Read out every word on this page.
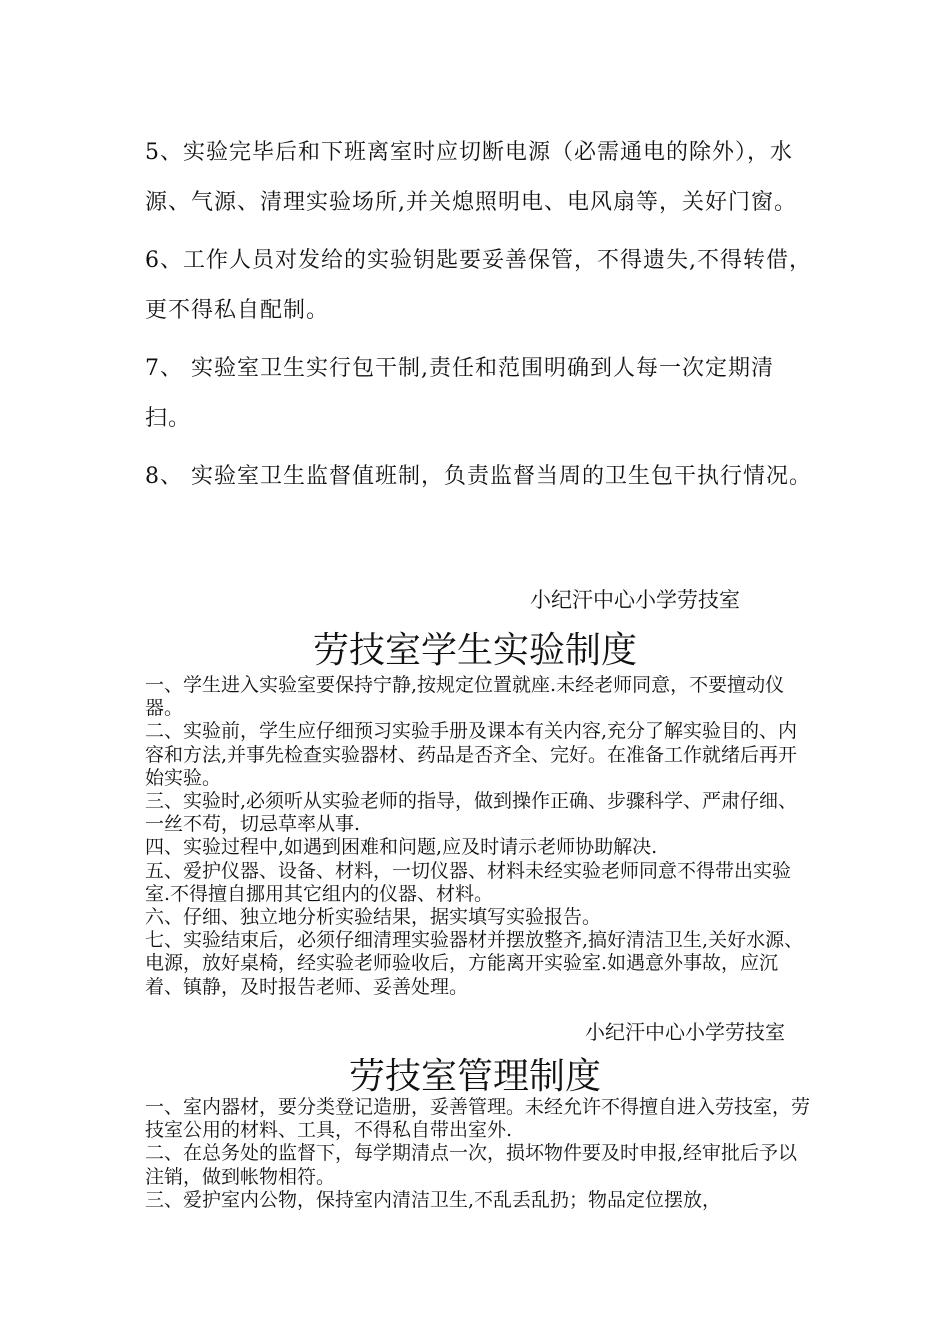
5、实验完毕后和下班离室时应切断电源（必需通电的除外），水源、气源、清理实验场所,并关熄照明电、电风扇等，关好门窗。

6、工作人员对发给的实验钥匙要妥善保管，不得遗失,不得转借，更不得私自配制。

7、 实验室卫生实行包干制,责任和范围明确到人每一次定期清扫。

8、 实验室卫生监督值班制，负责监督当周的卫生包干执行情况。

小纪汗中心小学劳技室
劳技室学生实验制度

一、学生进入实验室要保持宁静,按规定位置就座.未经老师同意，不要擅动仪器。

二、实验前，学生应仔细预习实验手册及课本有关内容,充分了解实验目的、内容和方法,并事先检查实验器材、药品是否齐全、完好。在准备工作就绪后再开始实验。

三、实验时,必须听从实验老师的指导，做到操作正确、步骤科学、严肃仔细、一丝不苟，切忌草率从事.

四、实验过程中,如遇到困难和问题,应及时请示老师协助解决.

五、爱护仪器、设备、材料，一切仪器、材料未经实验老师同意不得带出实验室.不得擅自挪用其它组内的仪器、材料。

六、仔细、独立地分析实验结果，据实填写实验报告。

七、实验结束后，必须仔细清理实验器材并摆放整齐,搞好清洁卫生,关好水源、电源，放好桌椅，经实验老师验收后，方能离开实验室.如遇意外事故，应沉着、镇静，及时报告老师、妥善处理。

小纪汗中心小学劳技室
劳技室管理制度

一、室内器材，要分类登记造册，妥善管理。未经允许不得擅自进入劳技室，劳技室公用的材料、工具，不得私自带出室外.

二、在总务处的监督下，每学期清点一次，损坏物件要及时申报,经审批后予以注销，做到帐物相符。

三、爱护室内公物，保持室内清洁卫生,不乱丢乱扔；物品定位摆放，
